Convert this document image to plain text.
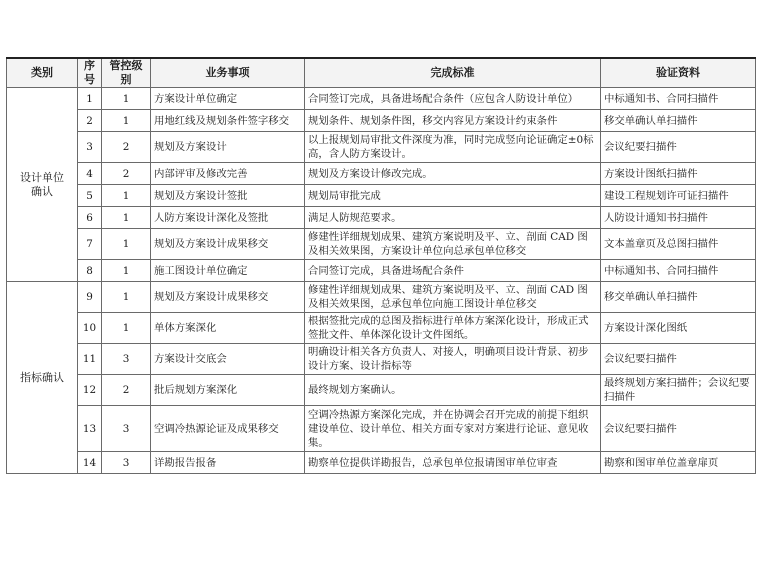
类别	序号	管控级别	业务事项	完成标准	验证资料
设计单位
确认	1	1	方案设计单位确定	合同签订完成，具备进场配合条件（应包含人防设计单位）	中标通知书、合同扫描件
	2	1	用地红线及规划条件签字移交	规划条件、规划条件图，移交内容见方案设计约束条件	移交单确认单扫描件
	3	2	规划及方案设计	以上报规划局审批文件深度为准，同时完成竖向论证确定±0标高，含人防方案设计。	会议纪要扫描件
	4	2	内部评审及修改完善	规划及方案设计修改完成。	方案设计图纸扫描件
	5	1	规划及方案设计签批	规划局审批完成	建设工程规划许可证扫描件
	6	1	人防方案设计深化及签批	满足人防规范要求。	人防设计通知书扫描件
	7	1	规划及方案设计成果移交	修建性详细规划成果、建筑方案说明及平、立、剖面 CAD 图及相关效果图，方案设计单位向总承包单位移交	文本盖章页及总图扫描件
	8	1	施工图设计单位确定	合同签订完成，具备进场配合条件	中标通知书、合同扫描件
指标确认	9	1	规划及方案设计成果移交	修建性详细规划成果、建筑方案说明及平、立、剖面 CAD 图及相关效果图，总承包单位向施工图设计单位移交	移交单确认单扫描件
	10	1	单体方案深化	根据签批完成的总图及指标进行单体方案深化设计，形成正式签批文件、单体深化设计文件图纸。	方案设计深化图纸
	11	3	方案设计交底会	明确设计相关各方负责人、对接人，明确项目设计背景、初步设计方案、设计指标等	会议纪要扫描件
	12	2	批后规划方案深化	最终规划方案确认。	最终规划方案扫描件；会议纪要扫描件
	13	3	空调冷热源论证及成果移交	空调冷热源方案深化完成，并在协调会召开完成的前提下组织建设单位、设计单位、相关方面专家对方案进行论证、意见收集。	会议纪要扫描件
	14	3	详勘报告报备	勘察单位提供详勘报告，总承包单位报请图审单位审查	勘察和图审单位盖章扉页
